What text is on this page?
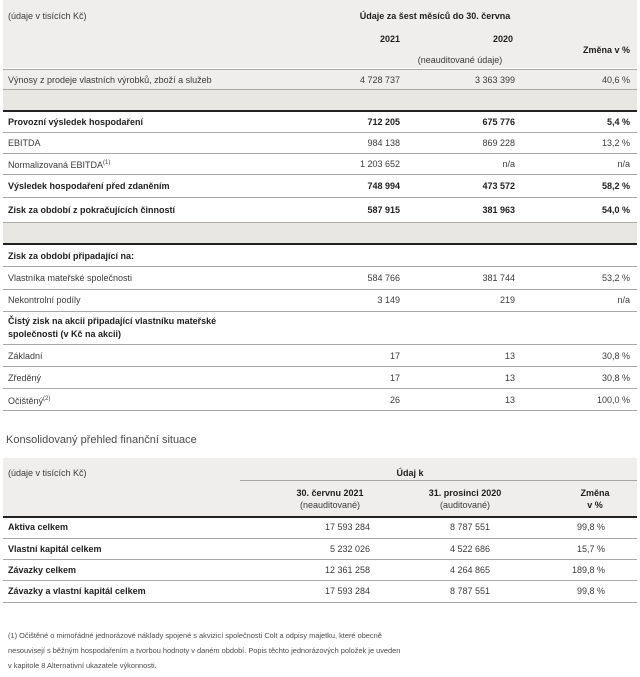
(údaje v tisících Kč)	Údaje za šest měsíců do 30. června
2021	2020
(neauditované údaje)
Změna v %
Výnosy z prodeje vlastních výrobků, zboží a služeb	4 728 737	3 363 399	40,6 %
Provozní výsledek hospodaření	712 205	675 776	5,4 %
EBITDA	984 138	869 228	13,2 %
Normalizovaná EBITDA$^{(1)}$	1 203 652	n/a	n/a
Výsledek hospodaření před zdaněním	748 994	473 572	58,2 %
Zisk za období z pokračujících činností	587 915	381 963	54,0 %
Zisk za období připadající na:
Vlastníka mateřské společnosti	584 766	381 744	53,2 %
Nekontrolní podíly	3 149	219	n/a
Čistý zisk na akcii připadající vlastníku mateřské
společnosti (v Kč na akcii)
Základní	17	13	30,8 %
Zředěný	17	13	30,8 %
Očištěný$^{(2)}$	26	13	100,0 %
Konsolidovaný přehled finanční situace
(údaje v tisících Kč)	Údaj k
30. červnu 2021
(neauditované)
31. prosinci 2020
(auditované)
Změna
v %
Aktiva celkem	17 593 284	8 787 551	99,8 %
Vlastní kapitál celkem	5 232 026	4 522 686	15,7 %
Závazky celkem	12 361 258	4 264 865	189,8 %
Závazky a vlastní kapitál celkem	17 593 284	8 787 551	99,8 %
(1) Očištěné o mimořádné jednorázové náklady spojené s akvizicí společnosti Colt a odpisy majetku, které obecně
nesouvisejí s běžným hospodařením a tvorbou hodnoty v daném období. Popis těchto jednorázových položek je uveden
v kapitole 8 Alternativní ukazatele výkonnosti.
